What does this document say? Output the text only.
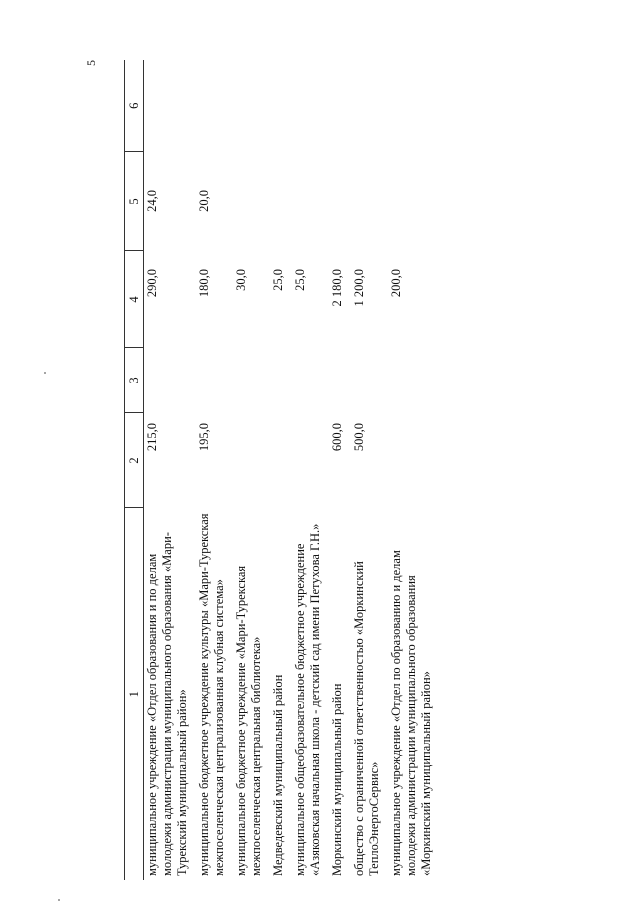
5
1	2	3	4	5	6
муниципальное учреждение «Отдел образования и по делам молодежи администрации муниципального образования «Мари-Турекский муниципальный район»	215,0		290,0	24,0	
муниципальное бюджетное учреждение культуры «Мари-Турекская межпоселенческая централизованная клубная система»	195,0		180,0	20,0	
муниципальное бюджетное учреждение «Мари-Турекская межпоселенческая центральная библиотека»			30,0		
Медведевский муниципальный район			25,0		
муниципальное общеобразовательное бюджетное учреждение «Азяковская начальная школа - детский сад имени Петухова Г.Н.»			25,0		
Моркинский муниципальный район	600,0		2 180,0		
общество с ограниченной ответственностью «Моркинский ТеплоЭнергоСервис»	500,0		1 200,0		
муниципальное учреждение «Отдел по образованию и делам молодежи администрации муниципального образования «Моркинский муниципальный район»			200,0		
